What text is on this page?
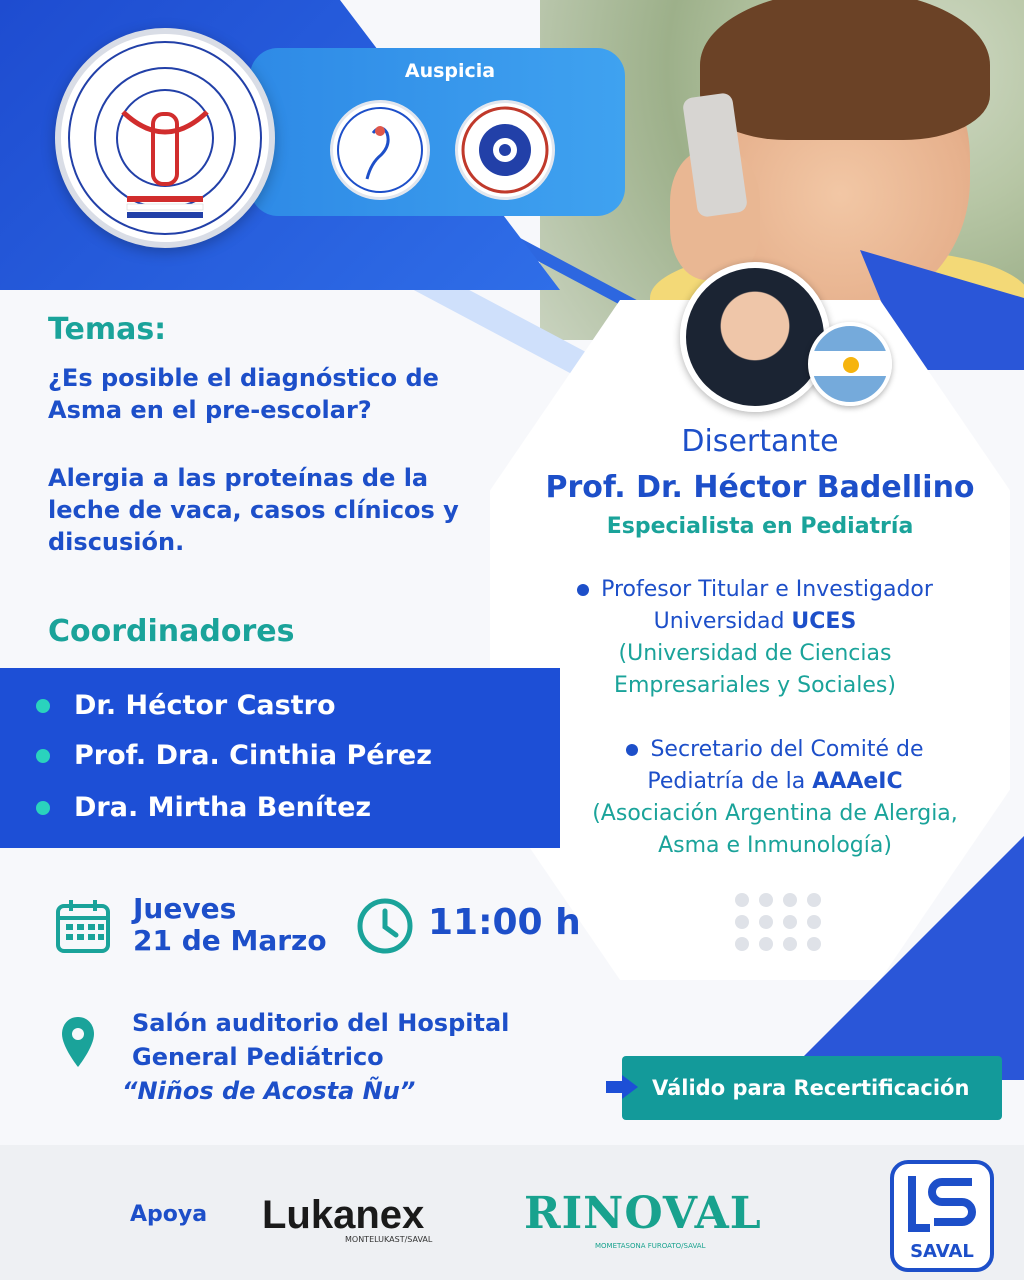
Auspicia
Temas:
¿Es posible el diagnóstico de Asma en el pre-escolar?
Alergia a las proteínas de la leche de vaca, casos clínicos y discusión.
Coordinadores
Dr. Héctor Castro
Prof. Dra. Cinthia Pérez
Dra. Mirtha Benítez
Disertante
Prof. Dr. Héctor Badellino
Especialista en Pediatría
Profesor Titular e Investigador
Universidad UCES
(Universidad de Ciencias
Empresariales y Sociales)
Secretario del Comité de
Pediatría de la AAAeIC
(Asociación Argentina de Alergia,
Asma e Inmunología)
Jueves
21 de Marzo	11:00 h
Salón auditorio del Hospital
General Pediátrico
“Niños de Acosta Ñu”	Válido para Recertificación
Apoya Lukanex
MONTELUKAST/SAVAL
RINOVAL
MOMETASONA FUROATO/SAVAL	SAVAL
